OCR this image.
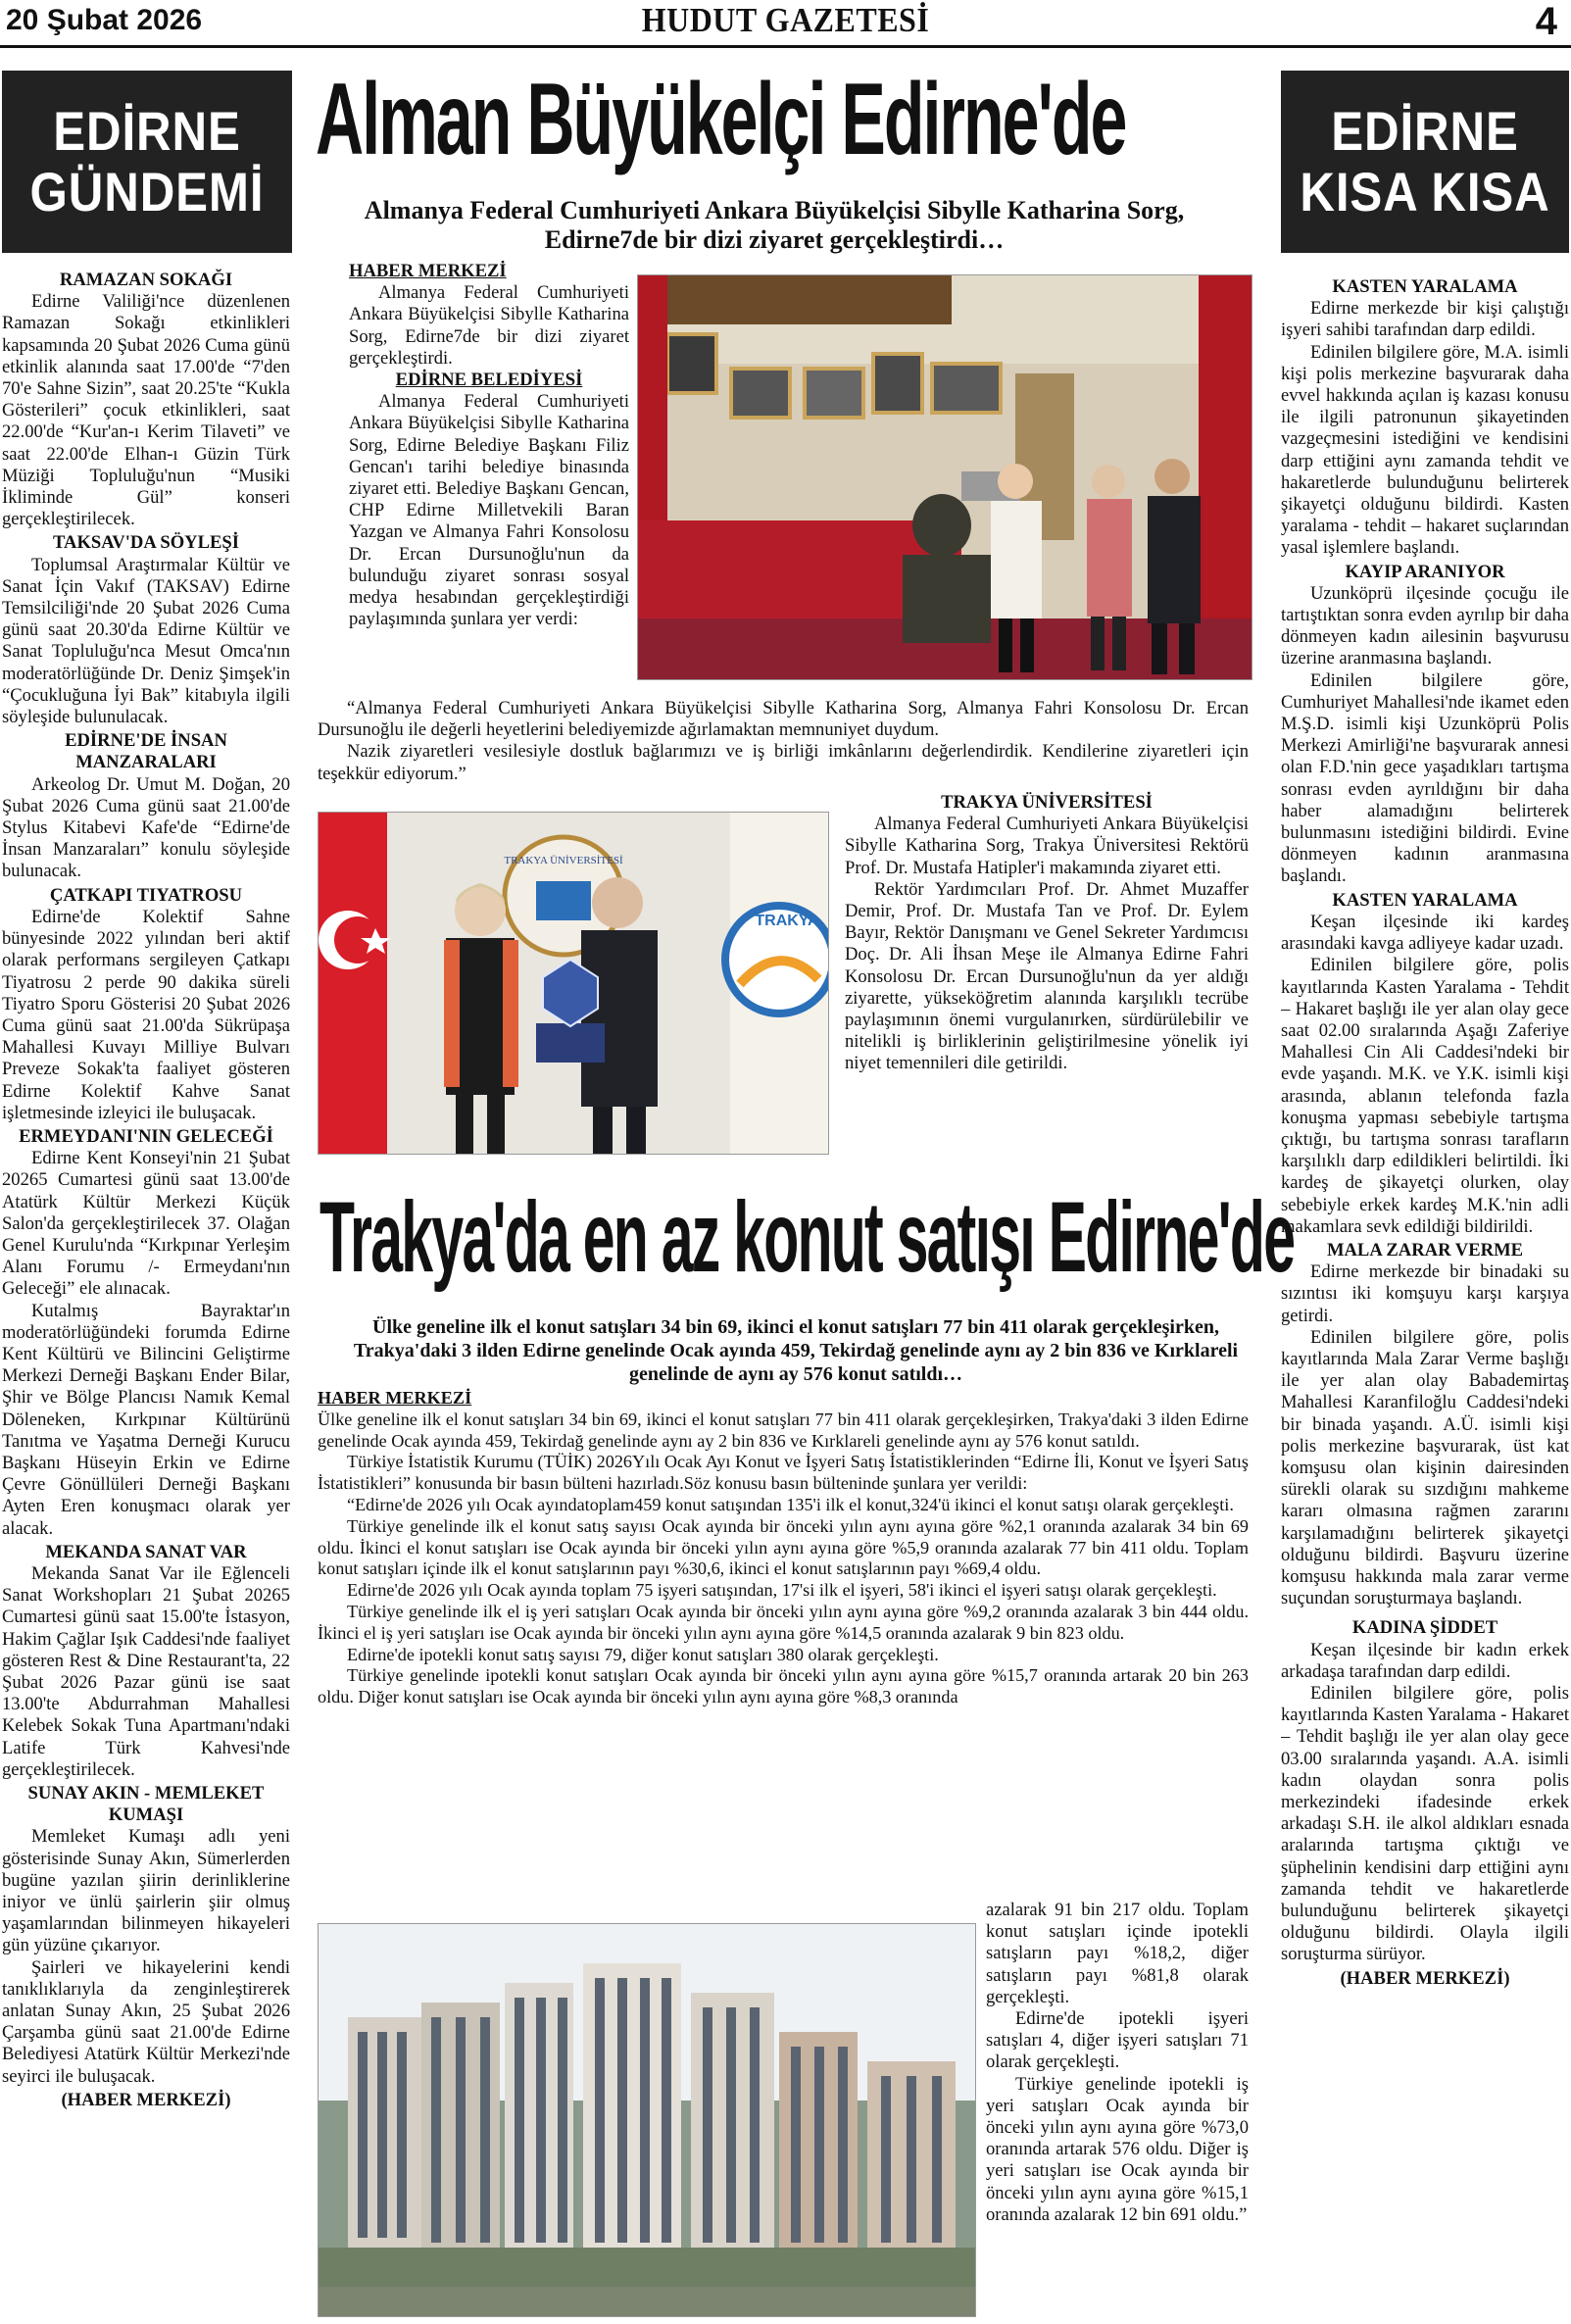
20 Şubat 2026	HUDUT GAZETESİ	4
EDİRNE
GÜNDEMİ
RAMAZAN SOKAĞI

Edirne Valiliği'nce düzenlenen Ramazan Sokağı etkinlikleri kapsamında 20 Şubat 2026 Cuma günü etkinlik alanında saat 17.00'de “7'den 70'e Sahne Sizin”, saat 20.25'te “Kukla Gösterileri” çocuk etkinlikleri, saat 22.00'de “Kur'an-ı Kerim Tilaveti” ve saat 22.00'de Elhan-ı Güzin Türk Müziği Topluluğu'nun “Musiki İkliminde Gül” konseri gerçekleştirilecek.

TAKSAV'DA SÖYLEŞİ

Toplumsal Araştırmalar Kültür ve Sanat İçin Vakıf (TAKSAV) Edirne Temsilciliği'nde 20 Şubat 2026 Cuma günü saat 20.30'da Edirne Kültür ve Sanat Topluluğu'nca Mesut Omca'nın moderatörlüğünde Dr. Deniz Şimşek'in “Çocukluğuna İyi Bak” kitabıyla ilgili söyleşide bulunulacak.

EDİRNE'DE İNSAN MANZARALARI

Arkeolog Dr. Umut M. Doğan, 20 Şubat 2026 Cuma günü saat 21.00'de Stylus Kitabevi Kafe'de “Edirne'de İnsan Manzaraları” konulu söyleşide bulunacak.

ÇATKAPI TIYATROSU

Edirne'de Kolektif Sahne bünyesinde 2022 yılından beri aktif olarak performans sergileyen Çatkapı Tiyatrosu 2 perde 90 dakika süreli Tiyatro Sporu Gösterisi 20 Şubat 2026 Cuma günü saat 21.00'da Sükrüpaşa Mahallesi Kuvayı Milliye Bulvarı Preveze Sokak'ta faaliyet gösteren Edirne Kolektif Kahve Sanat işletmesinde izleyici ile buluşacak.

ERMEYDANI'NIN GELECEĞİ

Edirne Kent Konseyi'nin 21 Şubat 20265 Cumartesi günü saat 13.00'de Atatürk Kültür Merkezi Küçük Salon'da gerçekleştirilecek 37. Olağan Genel Kurulu'nda “Kırkpınar Yerleşim Alanı Forumu /- Ermeydanı'nın Geleceği” ele alınacak.

Kutalmış Bayraktar'ın moderatörlüğündeki forumda Edirne Kent Kültürü ve Bilincini Geliştirme Merkezi Derneği Başkanı Ender Bilar, Şhir ve Bölge Plancısı Namık Kemal Döleneken, Kırkpınar Kültürünü Tanıtma ve Yaşatma Derneği Kurucu Başkanı Hüseyin Erkin ve Edirne Çevre Gönüllüleri Derneği Başkanı Ayten Eren konuşmacı olarak yer alacak.

MEKANDA SANAT VAR

Mekanda Sanat Var ile Eğlenceli Sanat Workshopları 21 Şubat 20265 Cumartesi günü saat 15.00'te İstasyon, Hakim Çağlar Işık Caddesi'nde faaliyet gösteren Rest & Dine Restaurant'ta, 22 Şubat 2026 Pazar günü ise saat 13.00'te Abdurrahman Mahallesi Kelebek Sokak Tuna Apartmanı'ndaki Latife Türk Kahvesi'nde gerçekleştirilecek.

SUNAY AKIN - MEMLEKET KUMAŞI

Memleket Kumaşı adlı yeni gösterisinde Sunay Akın, Sümerlerden bugüne yazılan şiirin derinliklerine iniyor ve ünlü şairlerin şiir olmuş yaşamlarından bilinmeyen hikayeleri gün yüzüne çıkarıyor.

Şairleri ve hikayelerini kendi tanıklıklarıyla da zenginleştirerek anlatan Sunay Akın, 25 Şubat 2026 Çarşamba günü saat 21.00'de Edirne Belediyesi Atatürk Kültür Merkezi'nde seyirci ile buluşacak.

(HABER MERKEZİ)
EDİRNE
KISA KISA
KASTEN YARALAMA

Edirne merkezde bir kişi çalıştığı işyeri sahibi tarafından darp edildi.

Edinilen bilgilere göre, M.A. isimli kişi polis merkezine başvurarak daha evvel hakkında açılan iş kazası konusu ile ilgili patronunun şikayetinden vazgeçmesini istediğini ve kendisini darp ettiğini aynı zamanda tehdit ve hakaretlerde bulunduğunu belirterek şikayetçi olduğunu bildirdi. Kasten yaralama - tehdit – hakaret suçlarından yasal işlemlere başlandı.

KAYIP ARANIYOR

Uzunköprü ilçesinde çocuğu ile tartıştıktan sonra evden ayrılıp bir daha dönmeyen kadın ailesinin başvurusu üzerine aranmasına başlandı.

Edinilen bilgilere göre, Cumhuriyet Mahallesi'nde ikamet eden M.Ş.D. isimli kişi Uzunköprü Polis Merkezi Amirliği'ne başvurarak annesi olan F.D.'nin gece yaşadıkları tartışma sonrası evden ayrıldığını bir daha haber alamadığını belirterek bulunmasını istediğini bildirdi. Evine dönmeyen kadının aranmasına başlandı.

KASTEN YARALAMA

Keşan ilçesinde iki kardeş arasındaki kavga adliyeye kadar uzadı.

Edinilen bilgilere göre, polis kayıtlarında Kasten Yaralama - Tehdit – Hakaret başlığı ile yer alan olay gece saat 02.00 sıralarında Aşağı Zaferiye Mahallesi Cin Ali Caddesi'ndeki bir evde yaşandı. M.K. ve Y.K. isimli kişi arasında, ablanın telefonda fazla konuşma yapması sebebiyle tartışma çıktığı, bu tartışma sonrası tarafların karşılıklı darp edildikleri belirtildi. İki kardeş de şikayetçi olurken, olay sebebiyle erkek kardeş M.K.'nin adli makamlara sevk edildiği bildirildi.

MALA ZARAR VERME

Edirne merkezde bir binadaki su sızıntısı iki komşuyu karşı karşıya getirdi.

Edinilen bilgilere göre, polis kayıtlarında Mala Zarar Verme başlığı ile yer alan olay Babademirtaş Mahallesi Karanfiloğlu Caddesi'ndeki bir binada yaşandı. A.Ü. isimli kişi polis merkezine başvurarak, üst kat komşusu olan kişinin dairesinden sürekli olarak su sızdığını mahkeme kararı olmasına rağmen zararını karşılamadığını belirterek şikayetçi olduğunu bildirdi. Başvuru üzerine komşusu hakkında mala zarar verme suçundan soruşturmaya başlandı.

KADINA ŞİDDET

Keşan ilçesinde bir kadın erkek arkadaşa tarafından darp edildi.

Edinilen bilgilere göre, polis kayıtlarında Kasten Yaralama - Hakaret – Tehdit başlığı ile yer alan olay gece 03.00 sıralarında yaşandı. A.A. isimli kadın olaydan sonra polis merkezindeki ifadesinde erkek arkadaşı S.H. ile alkol aldıkları esnada aralarında tartışma çıktığı ve şüphelinin kendisini darp ettiğini aynı zamanda tehdit ve hakaretlerde bulunduğunu belirterek şikayetçi olduğunu bildirdi. Olayla ilgili soruşturma sürüyor.

(HABER MERKEZİ)
Alman Büyükelçi Edirne'de
Almanya Federal Cumhuriyeti Ankara Büyükelçisi Sibylle Katharina Sorg, Edirne7de bir dizi ziyaret gerçekleştirdi…

HABER MERKEZİ

Almanya Federal Cumhuriyeti Ankara Büyükelçisi Sibylle Katharina Sorg, Edirne7de bir dizi ziyaret gerçekleştirdi.

EDİRNE BELEDİYESİ

Almanya Federal Cumhuriyeti Ankara Büyükelçisi Sibylle Katharina Sorg, Edirne Belediye Başkanı Filiz Gencan'ı tarihi belediye binasında ziyaret etti. Belediye Başkanı Gencan, CHP Edirne Milletvekili Baran Yazgan ve Almanya Fahri Konsolosu Dr. Ercan Dursunoğlu'nun da bulunduğu ziyaret sonrası sosyal medya hesabından gerçekleştirdiği paylaşımında şunlara yer verdi:

“Almanya Federal Cumhuriyeti Ankara Büyükelçisi Sibylle Katharina Sorg, Almanya Fahri Konsolosu Dr. Ercan Dursunoğlu ile değerli heyetlerini belediyemizde ağırlamaktan memnuniyet duydum.

Nazik ziyaretleri vesilesiyle dostluk bağlarımızı ve iş birliği imkânlarını değerlendirdik. Kendilerine ziyaretleri için teşekkür ediyorum.”

TRAKYA ÜNİVERSİTESİ
TRAKYA
TRAKYA ÜNİVERSİTESİ

Almanya Federal Cumhuriyeti Ankara Büyükelçisi Sibylle Katharina Sorg, Trakya Üniversitesi Rektörü Prof. Dr. Mustafa Hatipler'i makamında ziyaret etti.

Rektör Yardımcıları Prof. Dr. Ahmet Muzaffer Demir, Prof. Dr. Mustafa Tan ve Prof. Dr. Eylem Bayır, Rektör Danışmanı ve Genel Sekreter Yardımcısı Doç. Dr. Ali İhsan Meşe ile Almanya Edirne Fahri Konsolosu Dr. Ercan Dursunoğlu'nun da yer aldığı ziyarette, yükseköğretim alanında karşılıklı tecrübe paylaşımının önemi vurgulanırken, sürdürülebilir ve nitelikli iş birliklerinin geliştirilmesine yönelik iyi niyet temennileri dile getirildi.

Trakya'da en az konut satışı Edirne'de
Ülke geneline ilk el konut satışları 34 bin 69, ikinci el konut satışları 77 bin 411 olarak gerçekleşirken, Trakya'daki 3 ilden Edirne genelinde Ocak ayında 459, Tekirdağ genelinde aynı ay 2 bin 836 ve Kırklareli genelinde de aynı ay 576 konut satıldı…

HABER MERKEZİ

Ülke geneline ilk el konut satışları 34 bin 69, ikinci el konut satışları 77 bin 411 olarak gerçekleşirken, Trakya'daki 3 ilden Edirne genelinde Ocak ayında 459, Tekirdağ genelinde aynı ay 2 bin 836 ve Kırklareli genelinde aynı ay 576 konut satıldı.

Türkiye İstatistik Kurumu (TÜİK) 2026Yılı Ocak Ayı Konut ve İşyeri Satış İstatistiklerinden “Edirne İli, Konut ve İşyeri Satış İstatistikleri” konusunda bir basın bülteni hazırladı.Söz konusu basın bülteninde şunlara yer verildi:

“Edirne'de 2026 yılı Ocak ayındatoplam459 konut satışından 135'i ilk el konut,324'ü ikinci el konut satışı olarak gerçekleşti.

Türkiye genelinde ilk el konut satış sayısı Ocak ayında bir önceki yılın aynı ayına göre %2,1 oranında azalarak 34 bin 69 oldu. İkinci el konut satışları ise Ocak ayında bir önceki yılın aynı ayına göre %5,9 oranında azalarak 77 bin 411 oldu. Toplam konut satışları içinde ilk el konut satışlarının payı %30,6, ikinci el konut satışlarının payı %69,4 oldu.

Edirne'de 2026 yılı Ocak ayında toplam 75 işyeri satışından, 17'si ilk el işyeri, 58'i ikinci el işyeri satışı olarak gerçekleşti.

Türkiye genelinde ilk el iş yeri satışları Ocak ayında bir önceki yılın aynı ayına göre %9,2 oranında azalarak 3 bin 444 oldu. İkinci el iş yeri satışları ise Ocak ayında bir önceki yılın aynı ayına göre %14,5 oranında azalarak 9 bin 823 oldu.

Edirne'de ipotekli konut satış sayısı 79, diğer konut satışları 380 olarak gerçekleşti.

Türkiye genelinde ipotekli konut satışları Ocak ayında bir önceki yılın aynı ayına göre %15,7 oranında artarak 20 bin 263 oldu. Diğer konut satışları ise Ocak ayında bir önceki yılın aynı ayına göre %8,3 oranında

azalarak 91 bin 217 oldu. Toplam konut satışları içinde ipotekli satışların payı %18,2, diğer satışların payı %81,8 olarak gerçekleşti.

Edirne'de ipotekli işyeri satışları 4, diğer işyeri satışları 71 olarak gerçekleşti.

Türkiye genelinde ipotekli iş yeri satışları Ocak ayında bir önceki yılın aynı ayına göre %73,0 oranında artarak 576 oldu. Diğer iş yeri satışları ise Ocak ayında bir önceki yılın aynı ayına göre %15,1 oranında azalarak 12 bin 691 oldu.”
